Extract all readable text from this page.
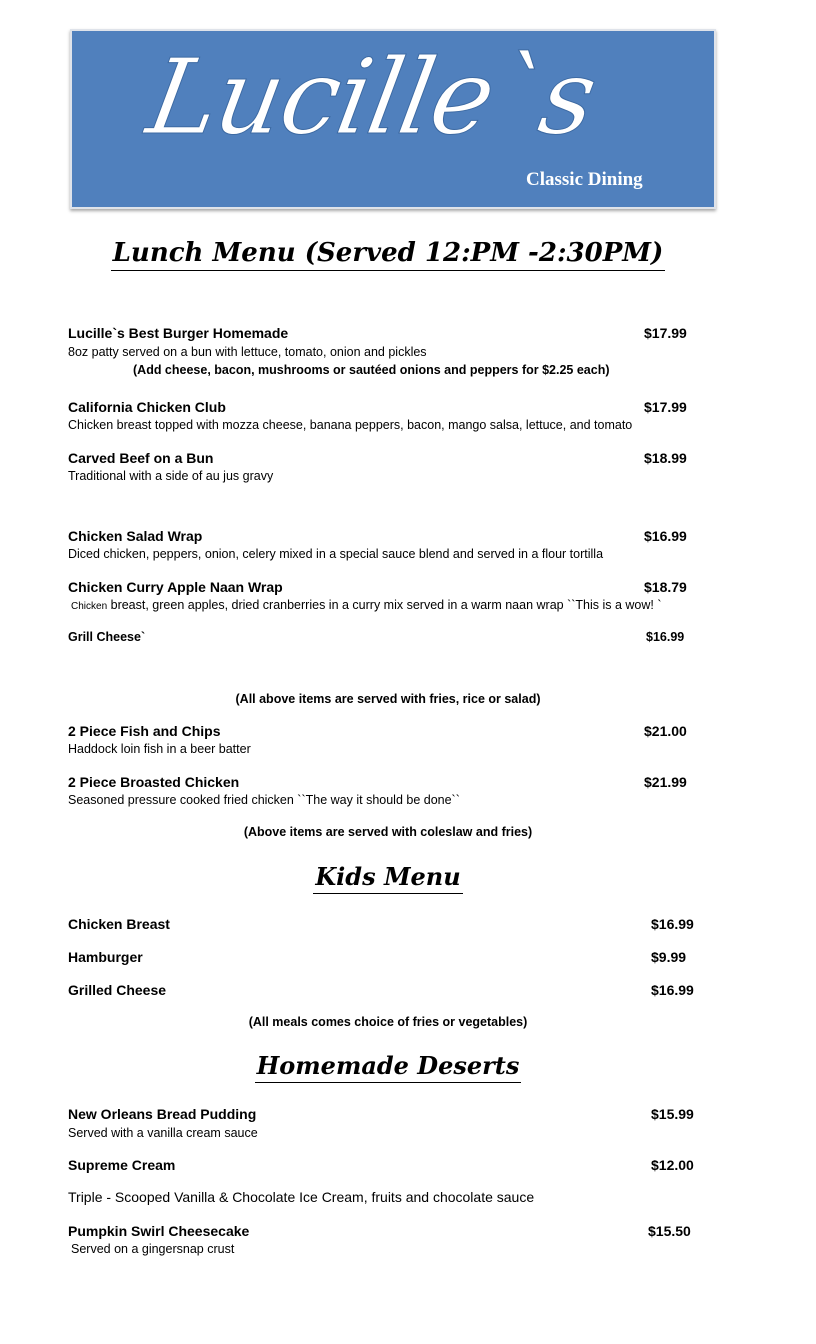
Lucille`s
Classic Dining
Lunch Menu (Served 12:PM -2:30PM)
Lucille`s Best Burger Homemade	$17.99
8oz patty served on a bun with lettuce, tomato, onion and pickles
(Add cheese, bacon, mushrooms or sautéed onions and peppers for $2.25 each)
California Chicken Club	$17.99
Chicken breast topped with mozza cheese, banana peppers, bacon, mango salsa, lettuce, and tomato
Carved Beef on a Bun	$18.99
Traditional with a side of au jus gravy
Chicken Salad Wrap	$16.99
Diced chicken, peppers, onion, celery mixed in a special sauce blend and served in a flour tortilla
Chicken Curry Apple Naan Wrap	$18.79
Chicken breast, green apples, dried cranberries in a curry mix served in a warm naan wrap ``This is a wow! `
Grill Cheese`	$16.99
(All above items are served with fries, rice or salad)
2 Piece Fish and Chips	$21.00
Haddock loin fish in a beer batter
2 Piece Broasted Chicken	$21.99
Seasoned pressure cooked fried chicken ``The way it should be done``
(Above items are served with coleslaw and fries)
Kids Menu
Chicken Breast	$16.99
Hamburger	$9.99
Grilled Cheese	$16.99
(All meals comes choice of fries or vegetables)
Homemade Deserts
New Orleans Bread Pudding	$15.99
Served with a vanilla cream sauce
Supreme Cream	$12.00
Triple - Scooped Vanilla & Chocolate Ice Cream, fruits and chocolate sauce
Pumpkin Swirl Cheesecake	$15.50
Served on a gingersnap crust
